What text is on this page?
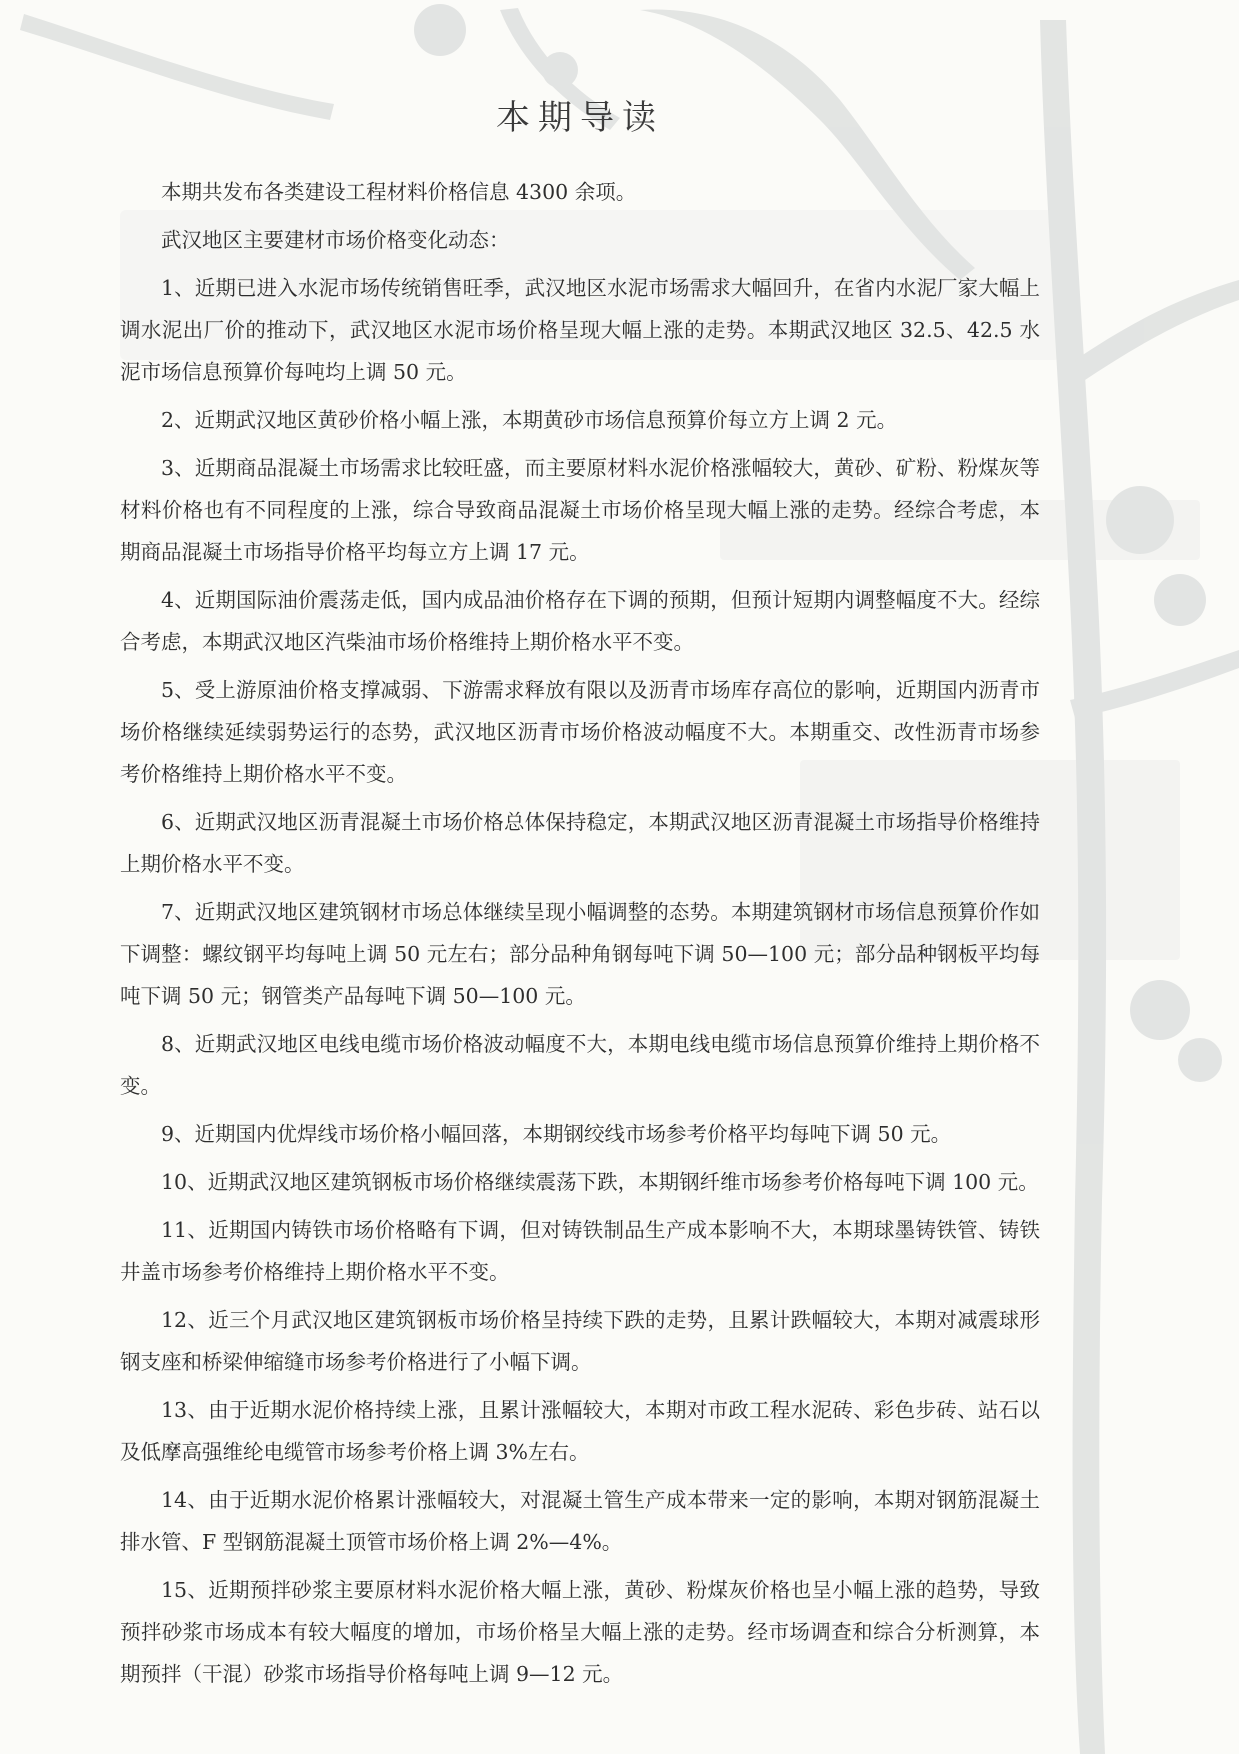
本期导读

本期共发布各类建设工程材料价格信息 4300 余项。

武汉地区主要建材市场价格变化动态：

1、近期已进入水泥市场传统销售旺季，武汉地区水泥市场需求大幅回升，在省内水泥厂家大幅上调水泥出厂价的推动下，武汉地区水泥市场价格呈现大幅上涨的走势。本期武汉地区 32.5、42.5 水泥市场信息预算价每吨均上调 50 元。

2、近期武汉地区黄砂价格小幅上涨，本期黄砂市场信息预算价每立方上调 2 元。

3、近期商品混凝土市场需求比较旺盛，而主要原材料水泥价格涨幅较大，黄砂、矿粉、粉煤灰等材料价格也有不同程度的上涨，综合导致商品混凝土市场价格呈现大幅上涨的走势。经综合考虑，本期商品混凝土市场指导价格平均每立方上调 17 元。

4、近期国际油价震荡走低，国内成品油价格存在下调的预期，但预计短期内调整幅度不大。经综合考虑，本期武汉地区汽柴油市场价格维持上期价格水平不变。

5、受上游原油价格支撑减弱、下游需求释放有限以及沥青市场库存高位的影响，近期国内沥青市场价格继续延续弱势运行的态势，武汉地区沥青市场价格波动幅度不大。本期重交、改性沥青市场参考价格维持上期价格水平不变。

6、近期武汉地区沥青混凝土市场价格总体保持稳定，本期武汉地区沥青混凝土市场指导价格维持上期价格水平不变。

7、近期武汉地区建筑钢材市场总体继续呈现小幅调整的态势。本期建筑钢材市场信息预算价作如下调整：螺纹钢平均每吨上调 50 元左右；部分品种角钢每吨下调 50—100 元；部分品种钢板平均每吨下调 50 元；钢管类产品每吨下调 50—100 元。

8、近期武汉地区电线电缆市场价格波动幅度不大，本期电线电缆市场信息预算价维持上期价格不变。

9、近期国内优焊线市场价格小幅回落，本期钢绞线市场参考价格平均每吨下调 50 元。

10、近期武汉地区建筑钢板市场价格继续震荡下跌，本期钢纤维市场参考价格每吨下调 100 元。

11、近期国内铸铁市场价格略有下调，但对铸铁制品生产成本影响不大，本期球墨铸铁管、铸铁井盖市场参考价格维持上期价格水平不变。

12、近三个月武汉地区建筑钢板市场价格呈持续下跌的走势，且累计跌幅较大，本期对减震球形钢支座和桥梁伸缩缝市场参考价格进行了小幅下调。

13、由于近期水泥价格持续上涨，且累计涨幅较大，本期对市政工程水泥砖、彩色步砖、站石以及低摩高强维纶电缆管市场参考价格上调 3%左右。

14、由于近期水泥价格累计涨幅较大，对混凝土管生产成本带来一定的影响，本期对钢筋混凝土排水管、F 型钢筋混凝土顶管市场价格上调 2%—4%。

15、近期预拌砂浆主要原材料水泥价格大幅上涨，黄砂、粉煤灰价格也呈小幅上涨的趋势，导致预拌砂浆市场成本有较大幅度的增加，市场价格呈大幅上涨的走势。经市场调查和综合分析测算，本期预拌（干混）砂浆市场指导价格每吨上调 9—12 元。
